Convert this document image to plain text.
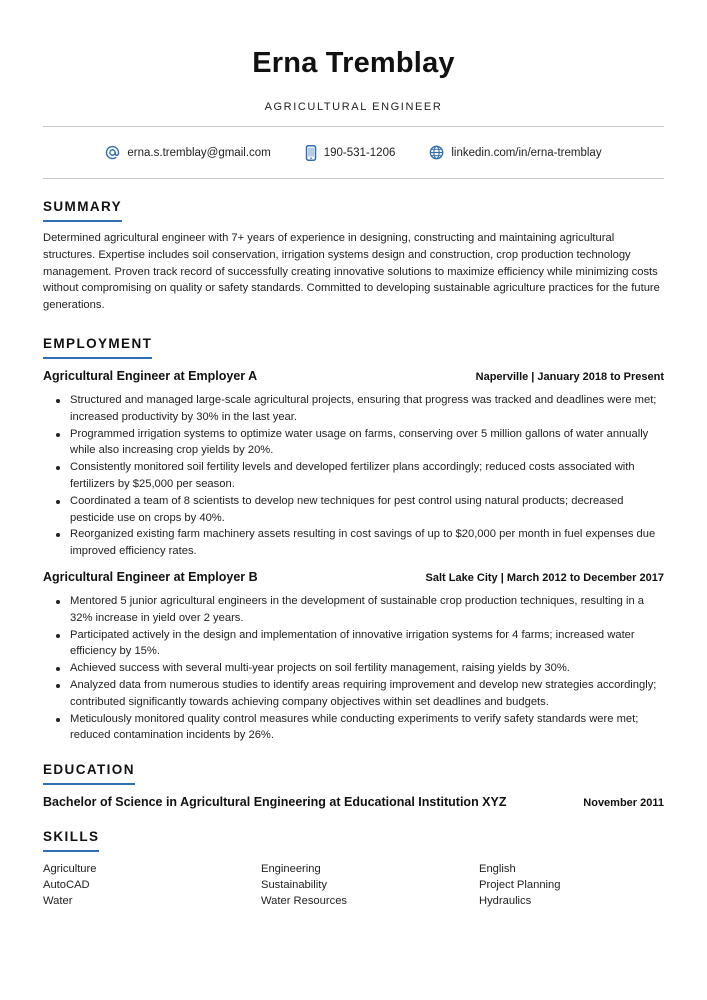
Erna Tremblay
AGRICULTURAL ENGINEER
erna.s.tremblay@gmail.com	190-531-1206	linkedin.com/in/erna-tremblay
SUMMARY

Determined agricultural engineer with 7+ years of experience in designing, constructing and maintaining agricultural structures. Expertise includes soil conservation, irrigation systems design and construction, crop production technology management. Proven track record of successfully creating innovative solutions to maximize efficiency while minimizing costs without compromising on quality or safety standards. Committed to developing sustainable agriculture practices for the future generations.

EMPLOYMENT
Agricultural Engineer at Employer A	Naperville | January 2018 to Present
Structured and managed large-scale agricultural projects, ensuring that progress was tracked and deadlines were met; increased productivity by 30% in the last year.
Programmed irrigation systems to optimize water usage on farms, conserving over 5 million gallons of water annually while also increasing crop yields by 20%.
Consistently monitored soil fertility levels and developed fertilizer plans accordingly; reduced costs associated with fertilizers by $25,000 per season.
Coordinated a team of 8 scientists to develop new techniques for pest control using natural products; decreased pesticide use on crops by 40%.
Reorganized existing farm machinery assets resulting in cost savings of up to $20,000 per month in fuel expenses due improved efficiency rates.
Agricultural Engineer at Employer B	Salt Lake City | March 2012 to December 2017
Mentored 5 junior agricultural engineers in the development of sustainable crop production techniques, resulting in a 32% increase in yield over 2 years.
Participated actively in the design and implementation of innovative irrigation systems for 4 farms; increased water efficiency by 15%.
Achieved success with several multi-year projects on soil fertility management, raising yields by 30%.
Analyzed data from numerous studies to identify areas requiring improvement and develop new strategies accordingly; contributed significantly towards achieving company objectives within set deadlines and budgets.
Meticulously monitored quality control measures while conducting experiments to verify safety standards were met; reduced contamination incidents by 26%.
EDUCATION
Bachelor of Science in Agricultural Engineering at Educational Institution XYZ	November 2011
SKILLS
Agriculture	Engineering	English
AutoCAD	Sustainability	Project Planning
Water	Water Resources	Hydraulics
